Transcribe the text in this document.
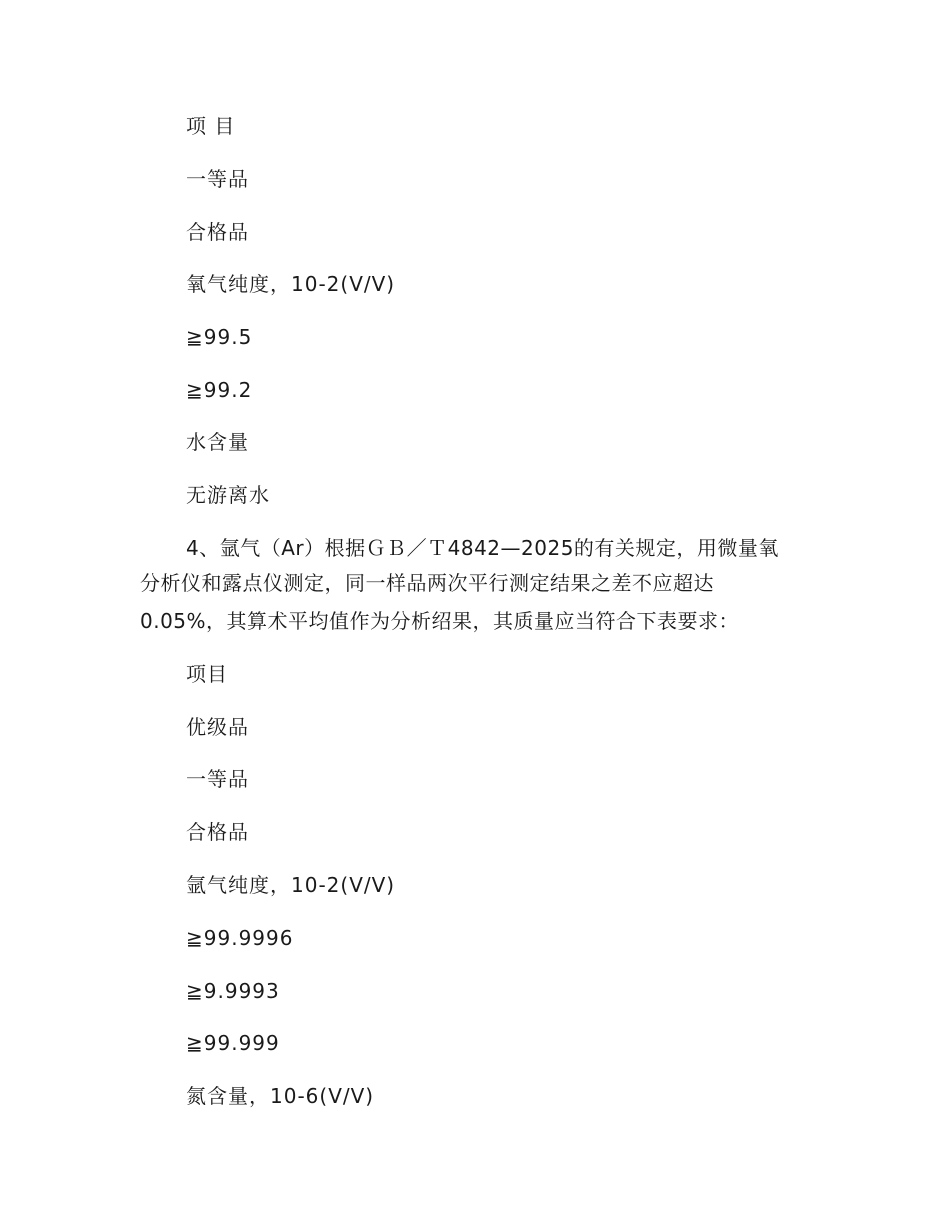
项 目
一等品
合格品
氧气纯度，10-2(V/V)
≧99.5
≧99.2
水含量
无游离水
4、氩气（Ar）根据ＧＢ／Ｔ4842—2025的有关规定，用微量氧
分析仪和露点仪测定，同一样品两次平行测定结果之差不应超达
0.05%，其算术平均值作为分析绍果，其质量应当符合下表要求：
项目
优级品
一等品
合格品
氩气纯度，10-2(V/V)
≧99.9996
≧9.9993
≧99.999
氮含量，10-6(V/V)
